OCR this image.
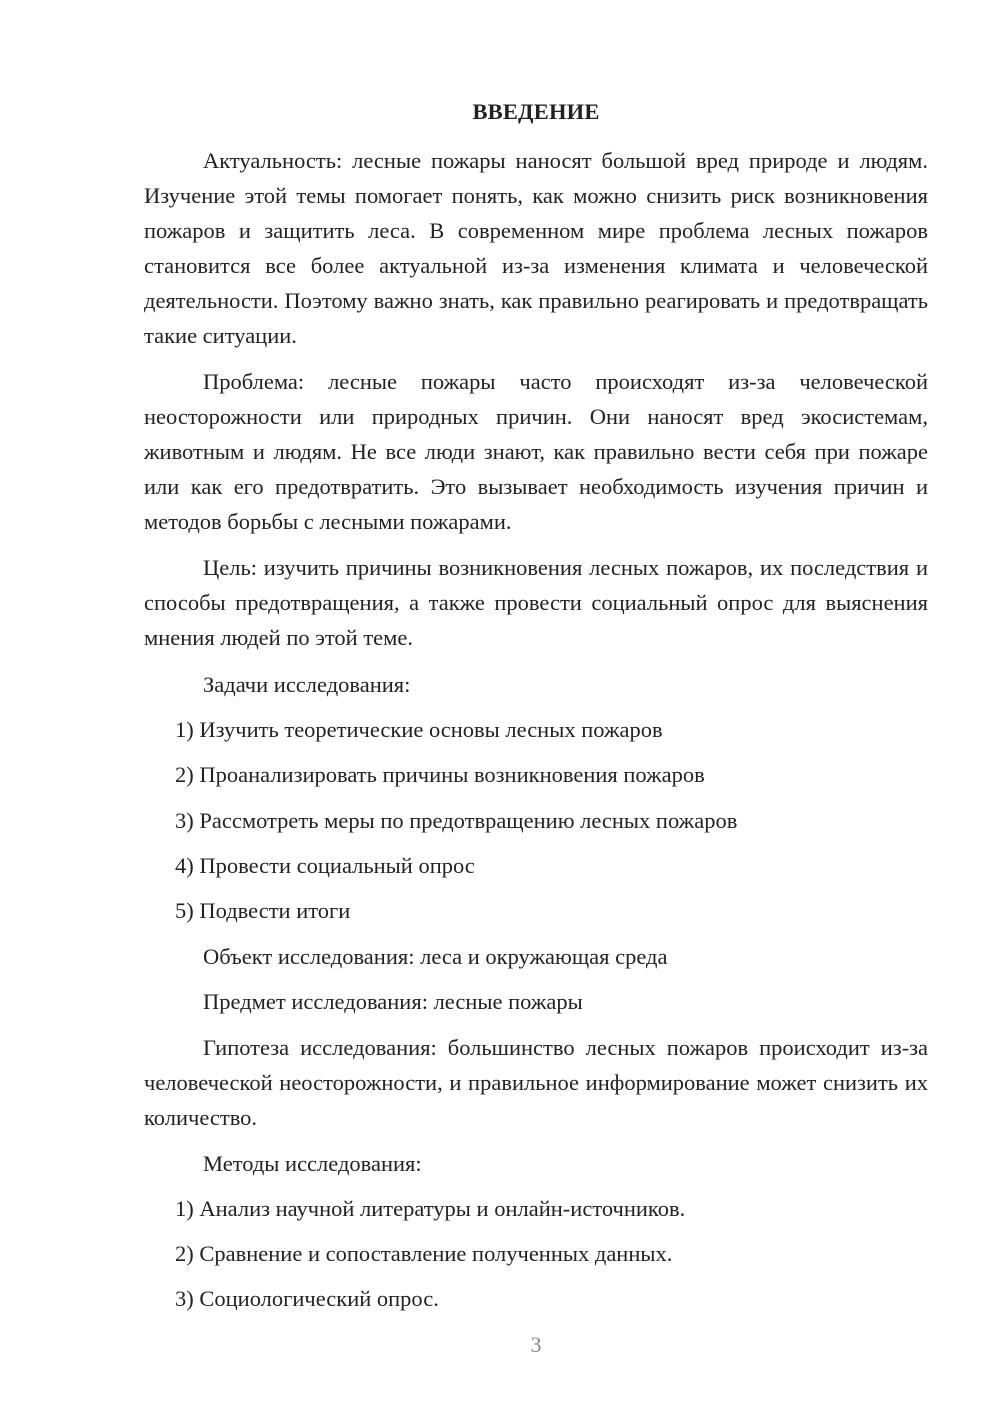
ВВЕДЕНИЕ

Актуальность: лесные пожары наносят большой вред природе и людям. Изучение этой темы помогает понять, как можно снизить риск возникновения пожаров и защитить леса. В современном мире проблема лесных пожаров становится все более актуальной из-за изменения климата и человеческой деятельности. Поэтому важно знать, как правильно реагировать и предотвращать такие ситуации.

Проблема: лесные пожары часто происходят из-за человеческой неосторожности или природных причин. Они наносят вред экосистемам, животным и людям. Не все люди знают, как правильно вести себя при пожаре или как его предотвратить. Это вызывает необходимость изучения причин и методов борьбы с лесными пожарами.

Цель: изучить причины возникновения лесных пожаров, их последствия и способы предотвращения, а также провести социальный опрос для выяснения мнения людей по этой теме.

Задачи исследования:

1) Изучить теоретические основы лесных пожаров

2) Проанализировать причины возникновения пожаров

3) Рассмотреть меры по предотвращению лесных пожаров

4) Провести социальный опрос

5) Подвести итоги

Объект исследования: леса и окружающая среда

Предмет исследования: лесные пожары

Гипотеза исследования: большинство лесных пожаров происходит из-за человеческой неосторожности, и правильное информирование может снизить их количество.

Методы исследования:

1) Анализ научной литературы и онлайн-источников.

2) Сравнение и сопоставление полученных данных.

3) Социологический опрос.

3
